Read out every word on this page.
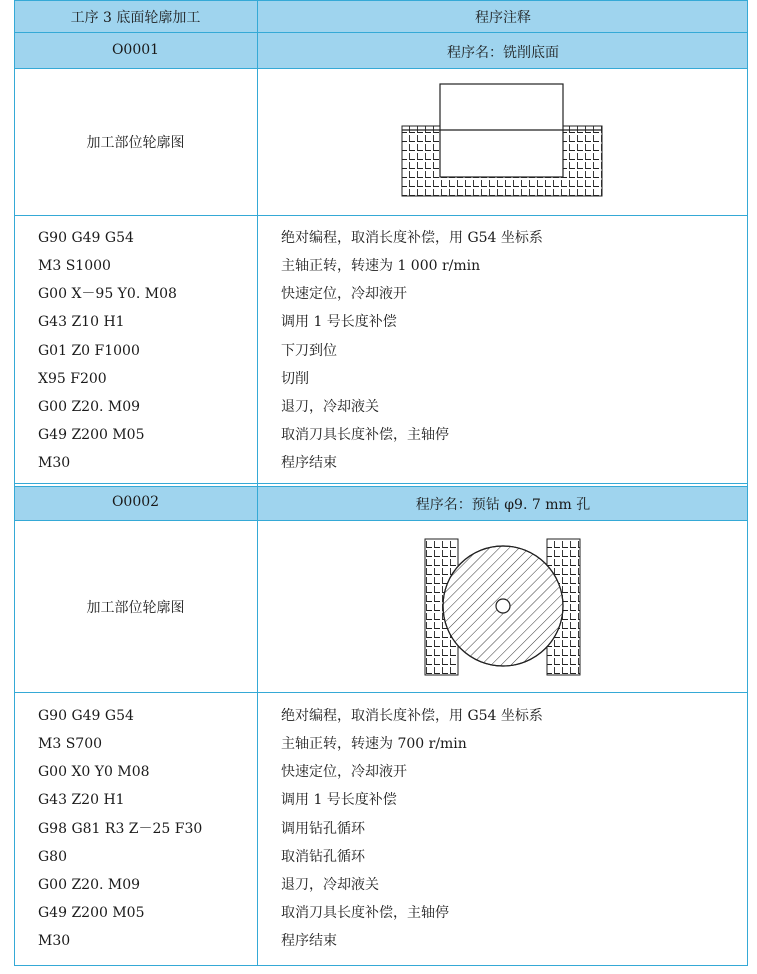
工序 3 底面轮廓加工	程序注释
O0001	程序名：铣削底面
加工部位轮廓图
G90 G49 G54	绝对编程，取消长度补偿，用 G54 坐标系
M3 S1000	主轴正转，转速为 1 000 r/min
G00 X－95 Y0. M08	快速定位，冷却液开
G43 Z10 H1	调用 1 号长度补偿
G01 Z0 F1000	下刀到位
X95 F200	切削
G00 Z20. M09	退刀，冷却液关
G49 Z200 M05	取消刀具长度补偿，主轴停
M30	程序结束
O0002	程序名：预钻 φ9. 7 mm 孔
加工部位轮廓图
G90 G49 G54	绝对编程，取消长度补偿，用 G54 坐标系
M3 S700	主轴正转，转速为 700 r/min
G00 X0 Y0 M08	快速定位，冷却液开
G43 Z20 H1	调用 1 号长度补偿
G98 G81 R3 Z－25 F30	调用钻孔循环
G80	取消钻孔循环
G00 Z20. M09	退刀，冷却液关
G49 Z200 M05	取消刀具长度补偿，主轴停
M30	程序结束
